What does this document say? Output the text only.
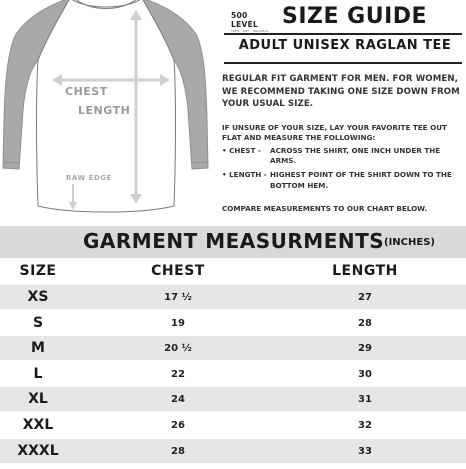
CHEST
LENGTH
RAW EDGE
500 LEVEL
TEES · ART · ORIGINAL
SIZE GUIDE
ADULT UNISEX RAGLAN TEE
REGULAR FIT GARMENT FOR MEN. FOR WOMEN, WE RECOMMEND TAKING ONE SIZE DOWN FROM YOUR USUAL SIZE.
IF UNSURE OF YOUR SIZE, LAY YOUR FAVORITE TEE OUT FLAT AND MEASURE THE FOLLOWING:
• CHEST -	ACROSS THE SHIRT, ONE INCH UNDER THE ARMS.
• LENGTH - HIGHEST POINT OF THE SHIRT DOWN TO THE BOTTOM HEM.
COMPARE MEASUREMENTS TO OUR CHART BELOW.
GARMENT MEASURMENTS (INCHES)
SIZE	CHEST	LENGTH
XS	17 ½	27
S	19	28
M	20 ½	29
L	22	30
XL	24	31
XXL	26	32
XXXL	28	33
